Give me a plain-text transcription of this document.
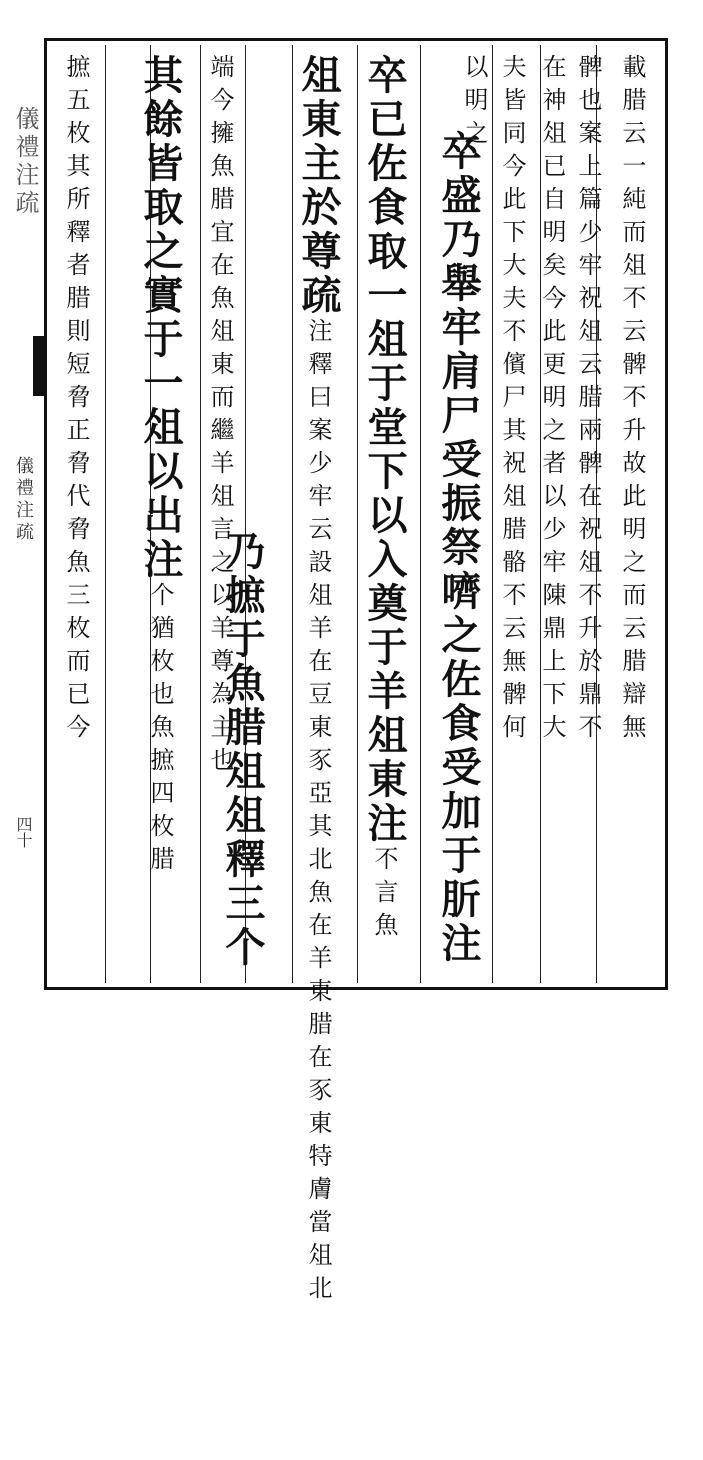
儀禮注疏
儀禮注疏
四十
載腊云一純而俎不云髀不升故此明之而云腊辯無
髀也案上篇少牢祝俎云腊兩髀在祝俎不升於鼎不
在神俎已自明矣今此更明之者以少牢陳鼎上下大
夫皆同今此下大夫不儐尸其祝俎腊骼不云無髀何
以明之
卒盛乃舉牢肩尸受振祭嚌之佐食受加于肵注
卒已佐食取一俎于堂下以入奠于羊俎東注不言魚
俎東主於尊疏注釋曰案少牢云設俎羊在豆東豕亞其北魚在羊東腊在豕東特膚當俎北
端今擁魚腊宜在魚俎東而繼羊俎言之以羊尊為主也
乃摭于魚腊俎俎釋三个
其餘皆取之實于一俎以出注个猶枚也魚摭四枚腊
摭五枚其所釋者腊則短脅正脅代脅魚三枚而已今
